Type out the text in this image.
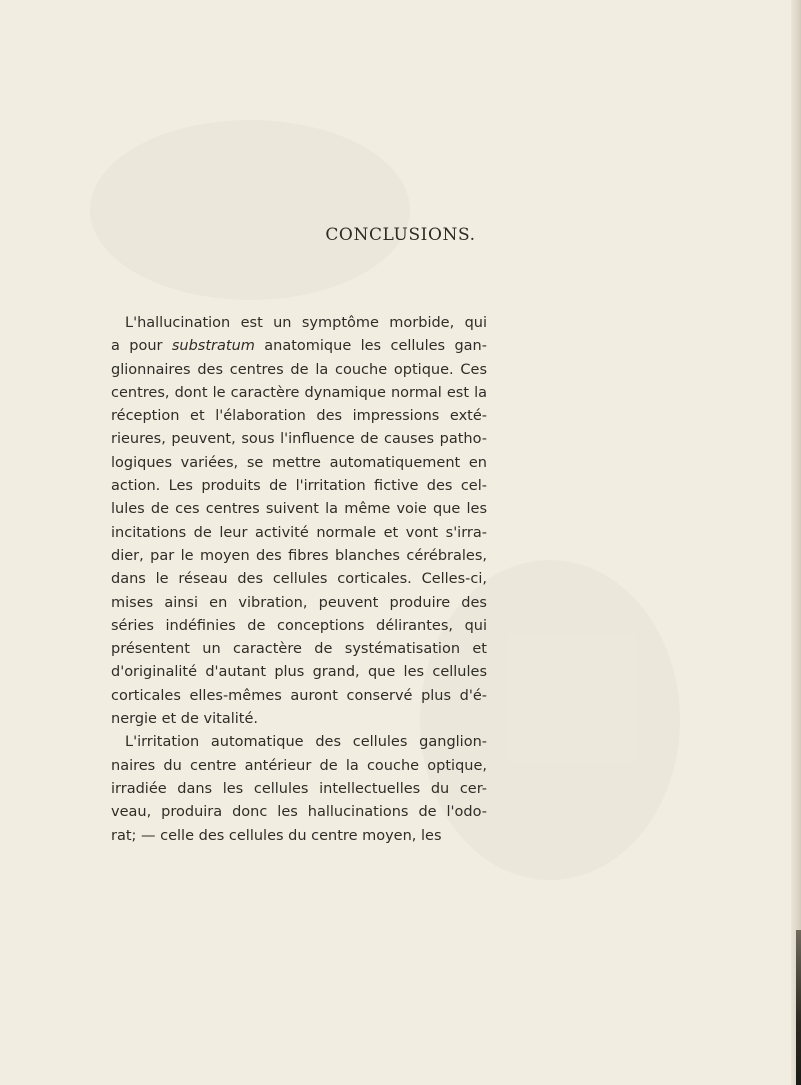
CONCLUSIONS.

L'hallucination est un symptôme morbide, qui
a pour substratum anatomique les cellules gan-
glionnaires des centres de la couche optique. Ces
centres, dont le caractère dynamique normal est la
réception et l'élaboration des impressions exté-
rieures, peuvent, sous l'influence de causes patho-
logiques variées, se mettre automatiquement en
action. Les produits de l'irritation fictive des cel-
lules de ces centres suivent la même voie que les
incitations de leur activité normale et vont s'irra-
dier, par le moyen des fibres blanches cérébrales,
dans le réseau des cellules corticales. Celles-ci,
mises ainsi en vibration, peuvent produire des
séries indéfinies de conceptions délirantes, qui
présentent un caractère de systématisation et
d'originalité d'autant plus grand, que les cellules
corticales elles-mêmes auront conservé plus d'é-
nergie et de vitalité.

L'irritation automatique des cellules ganglion-
naires du centre antérieur de la couche optique,
irradiée dans les cellules intellectuelles du cer-
veau, produira donc les hallucinations de l'odo-
rat; — celle des cellules du centre moyen, les
